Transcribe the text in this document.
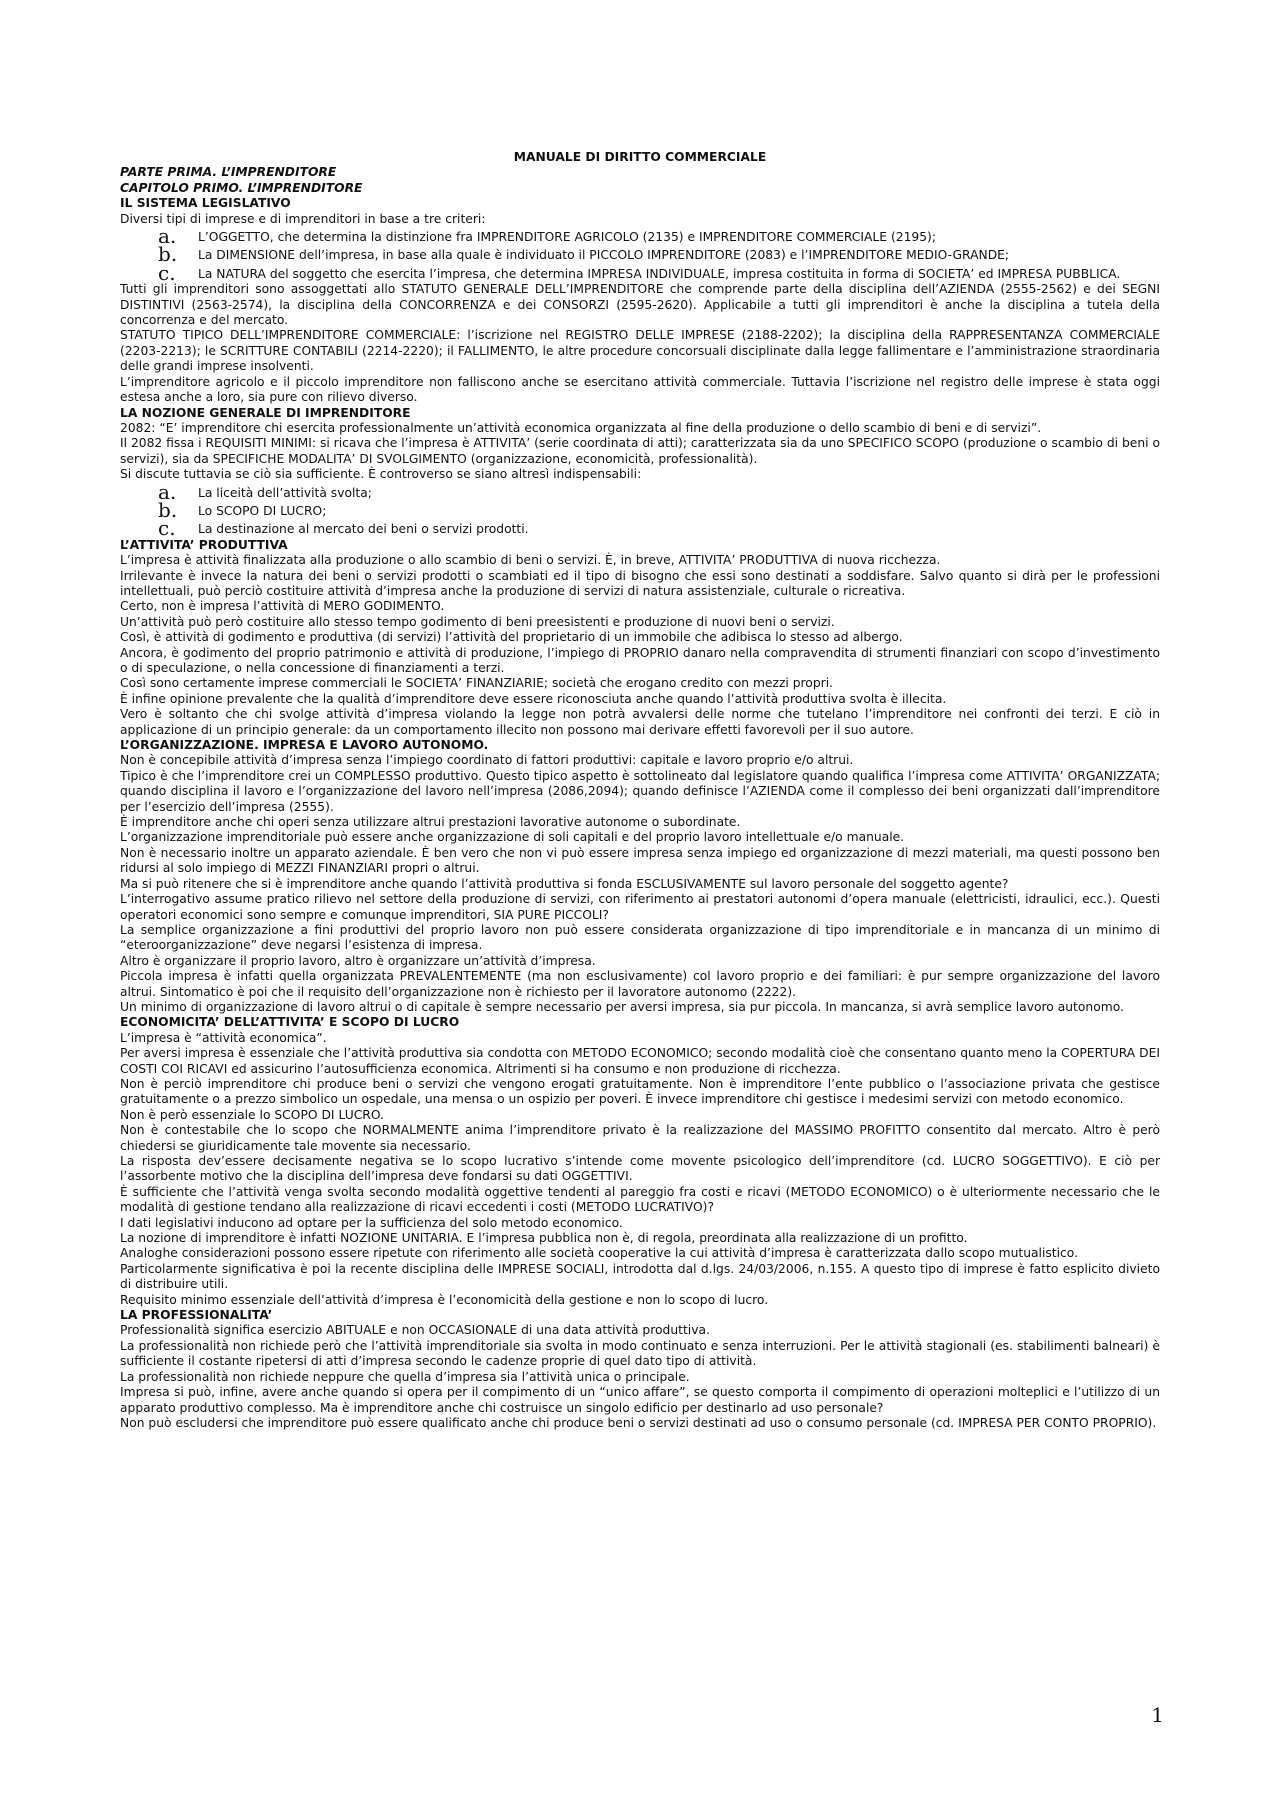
MANUALE DI DIRITTO COMMERCIALE

PARTE PRIMA. L’IMPRENDITORE

CAPITOLO PRIMO. L’IMPRENDITORE

IL SISTEMA LEGISLATIVO

Diversi tipi di imprese e di imprenditori in base a tre criteri:

a. L’OGGETTO, che determina la distinzione fra IMPRENDITORE AGRICOLO (2135) e IMPRENDITORE COMMERCIALE (2195);
b. La DIMENSIONE dell’impresa, in base alla quale è individuato il PICCOLO IMPRENDITORE (2083) e l’IMPRENDITORE MEDIO-GRANDE;
c. La NATURA del soggetto che esercita l’impresa, che determina IMPRESA INDIVIDUALE, impresa costituita in forma di SOCIETA’ ed IMPRESA PUBBLICA.

Tutti gli imprenditori sono assoggettati allo STATUTO GENERALE DELL’IMPRENDITORE che comprende parte della disciplina dell’AZIENDA (2555-2562) e dei SEGNI DISTINTIVI (2563-2574), la disciplina della CONCORRENZA e dei CONSORZI (2595-2620). Applicabile a tutti gli imprenditori è anche la disciplina a tutela della concorrenza e del mercato.

STATUTO TIPICO DELL’IMPRENDITORE COMMERCIALE: l’iscrizione nel REGISTRO DELLE IMPRESE (2188-2202); la disciplina della RAPPRESENTANZA COMMERCIALE (2203-2213); le SCRITTURE CONTABILI (2214-2220); il FALLIMENTO, le altre procedure concorsuali disciplinate dalla legge fallimentare e l’amministrazione straordinaria delle grandi imprese insolventi.

L’imprenditore agricolo e il piccolo imprenditore non falliscono anche se esercitano attività commerciale. Tuttavia l’iscrizione nel registro delle imprese è stata oggi estesa anche a loro, sia pure con rilievo diverso.

LA NOZIONE GENERALE DI IMPRENDITORE

2082: “E’ imprenditore chi esercita professionalmente un’attività economica organizzata al fine della produzione o dello scambio di beni e di servizi”.

Il 2082 fissa i REQUISITI MINIMI: si ricava che l’impresa è ATTIVITA’ (serie coordinata di atti); caratterizzata sia da uno SPECIFICO SCOPO (produzione o scambio di beni o servizi), sia da SPECIFICHE MODALITA’ DI SVOLGIMENTO (organizzazione, economicità, professionalità).

Si discute tuttavia se ciò sia sufficiente. È controverso se siano altresì indispensabili:

a. La liceità dell’attività svolta;
b. Lo SCOPO DI LUCRO;
c. La destinazione al mercato dei beni o servizi prodotti.

L’ATTIVITA’ PRODUTTIVA

L’impresa è attività finalizzata alla produzione o allo scambio di beni o servizi. È, in breve, ATTIVITA’ PRODUTTIVA di nuova ricchezza.

Irrilevante è invece la natura dei beni o servizi prodotti o scambiati ed il tipo di bisogno che essi sono destinati a soddisfare. Salvo quanto si dirà per le professioni intellettuali, può perciò costituire attività d’impresa anche la produzione di servizi di natura assistenziale, culturale o ricreativa.

Certo, non è impresa l’attività di MERO GODIMENTO.

Un’attività può però costituire allo stesso tempo godimento di beni preesistenti e produzione di nuovi beni o servizi.

Così, è attività di godimento e produttiva (di servizi) l’attività del proprietario di un immobile che adibisca lo stesso ad albergo.

Ancora, è godimento del proprio patrimonio e attività di produzione, l’impiego di PROPRIO danaro nella compravendita di strumenti finanziari con scopo d’investimento o di speculazione, o nella concessione di finanziamenti a terzi.

Così sono certamente imprese commerciali le SOCIETA’ FINANZIARIE; società che erogano credito con mezzi propri.

È infine opinione prevalente che la qualità d’imprenditore deve essere riconosciuta anche quando l’attività produttiva svolta è illecita.

Vero è soltanto che chi svolge attività d’impresa violando la legge non potrà avvalersi delle norme che tutelano l’imprenditore nei confronti dei terzi. E ciò in applicazione di un principio generale: da un comportamento illecito non possono mai derivare effetti favorevoli per il suo autore.

L’ORGANIZZAZIONE. IMPRESA E LAVORO AUTONOMO.

Non è concepibile attività d’impresa senza l’impiego coordinato di fattori produttivi: capitale e lavoro proprio e/o altrui.

Tipico è che l’imprenditore crei un COMPLESSO produttivo. Questo tipico aspetto è sottolineato dal legislatore quando qualifica l’impresa come ATTIVITA’ ORGANIZZATA; quando disciplina il lavoro e l’organizzazione del lavoro nell’impresa (2086,2094); quando definisce l’AZIENDA come il complesso dei beni organizzati dall’imprenditore per l’esercizio dell’impresa (2555).

È imprenditore anche chi operi senza utilizzare altrui prestazioni lavorative autonome o subordinate.

L’organizzazione imprenditoriale può essere anche organizzazione di soli capitali e del proprio lavoro intellettuale e/o manuale.

Non è necessario inoltre un apparato aziendale. È ben vero che non vi può essere impresa senza impiego ed organizzazione di mezzi materiali, ma questi possono ben ridursi al solo impiego di MEZZI FINANZIARI propri o altrui.

Ma si può ritenere che si è imprenditore anche quando l’attività produttiva si fonda ESCLUSIVAMENTE sul lavoro personale del soggetto agente?

L’interrogativo assume pratico rilievo nel settore della produzione di servizi, con riferimento ai prestatori autonomi d’opera manuale (elettricisti, idraulici, ecc.). Questi operatori economici sono sempre e comunque imprenditori, SIA PURE PICCOLI?

La semplice organizzazione a fini produttivi del proprio lavoro non può essere considerata organizzazione di tipo imprenditoriale e in mancanza di un minimo di “eteroorganizzazione” deve negarsi l’esistenza di impresa.

Altro è organizzare il proprio lavoro, altro è organizzare un’attività d’impresa.

Piccola impresa è infatti quella organizzata PREVALENTEMENTE (ma non esclusivamente) col lavoro proprio e dei familiari: è pur sempre organizzazione del lavoro altrui. Sintomatico è poi che il requisito dell’organizzazione non è richiesto per il lavoratore autonomo (2222).

Un minimo di organizzazione di lavoro altrui o di capitale è sempre necessario per aversi impresa, sia pur piccola. In mancanza, si avrà semplice lavoro autonomo.

ECONOMICITA’ DELL’ATTIVITA’ E SCOPO DI LUCRO

L’impresa è “attività economica”.

Per aversi impresa è essenziale che l’attività produttiva sia condotta con METODO ECONOMICO; secondo modalità cioè che consentano quanto meno la COPERTURA DEI COSTI COI RICAVI ed assicurino l’autosufficienza economica. Altrimenti si ha consumo e non produzione di ricchezza.

Non è perciò imprenditore chi produce beni o servizi che vengono erogati gratuitamente. Non è imprenditore l’ente pubblico o l’associazione privata che gestisce gratuitamente o a prezzo simbolico un ospedale, una mensa o un ospizio per poveri. È invece imprenditore chi gestisce i medesimi servizi con metodo economico.

Non è però essenziale lo SCOPO DI LUCRO.

Non è contestabile che lo scopo che NORMALMENTE anima l’imprenditore privato è la realizzazione del MASSIMO PROFITTO consentito dal mercato. Altro è però chiedersi se giuridicamente tale movente sia necessario.

La risposta dev’essere decisamente negativa se lo scopo lucrativo s’intende come movente psicologico dell’imprenditore (cd. LUCRO SOGGETTIVO). E ciò per l’assorbente motivo che la disciplina dell’impresa deve fondarsi su dati OGGETTIVI.

È sufficiente che l’attività venga svolta secondo modalità oggettive tendenti al pareggio fra costi e ricavi (METODO ECONOMICO) o è ulteriormente necessario che le modalità di gestione tendano alla realizzazione di ricavi eccedenti i costi (METODO LUCRATIVO)?

I dati legislativi inducono ad optare per la sufficienza del solo metodo economico.

La nozione di imprenditore è infatti NOZIONE UNITARIA. E l’impresa pubblica non è, di regola, preordinata alla realizzazione di un profitto.

Analoghe considerazioni possono essere ripetute con riferimento alle società cooperative la cui attività d’impresa è caratterizzata dallo scopo mutualistico.

Particolarmente significativa è poi la recente disciplina delle IMPRESE SOCIALI, introdotta dal d.lgs. 24/03/2006, n.155. A questo tipo di imprese è fatto esplicito divieto di distribuire utili.

Requisito minimo essenziale dell’attività d’impresa è l’economicità della gestione e non lo scopo di lucro.

LA PROFESSIONALITA’

Professionalità significa esercizio ABITUALE e non OCCASIONALE di una data attività produttiva.

La professionalità non richiede però che l’attività imprenditoriale sia svolta in modo continuato e senza interruzioni. Per le attività stagionali (es. stabilimenti balneari) è sufficiente il costante ripetersi di atti d’impresa secondo le cadenze proprie di quel dato tipo di attività.

La professionalità non richiede neppure che quella d’impresa sia l’attività unica o principale.

Impresa si può, infine, avere anche quando si opera per il compimento di un “unico affare”, se questo comporta il compimento di operazioni molteplici e l’utilizzo di un apparato produttivo complesso. Ma è imprenditore anche chi costruisce un singolo edificio per destinarlo ad uso personale?

Non può escludersi che imprenditore può essere qualificato anche chi produce beni o servizi destinati ad uso o consumo personale (cd. IMPRESA PER CONTO PROPRIO).

1
